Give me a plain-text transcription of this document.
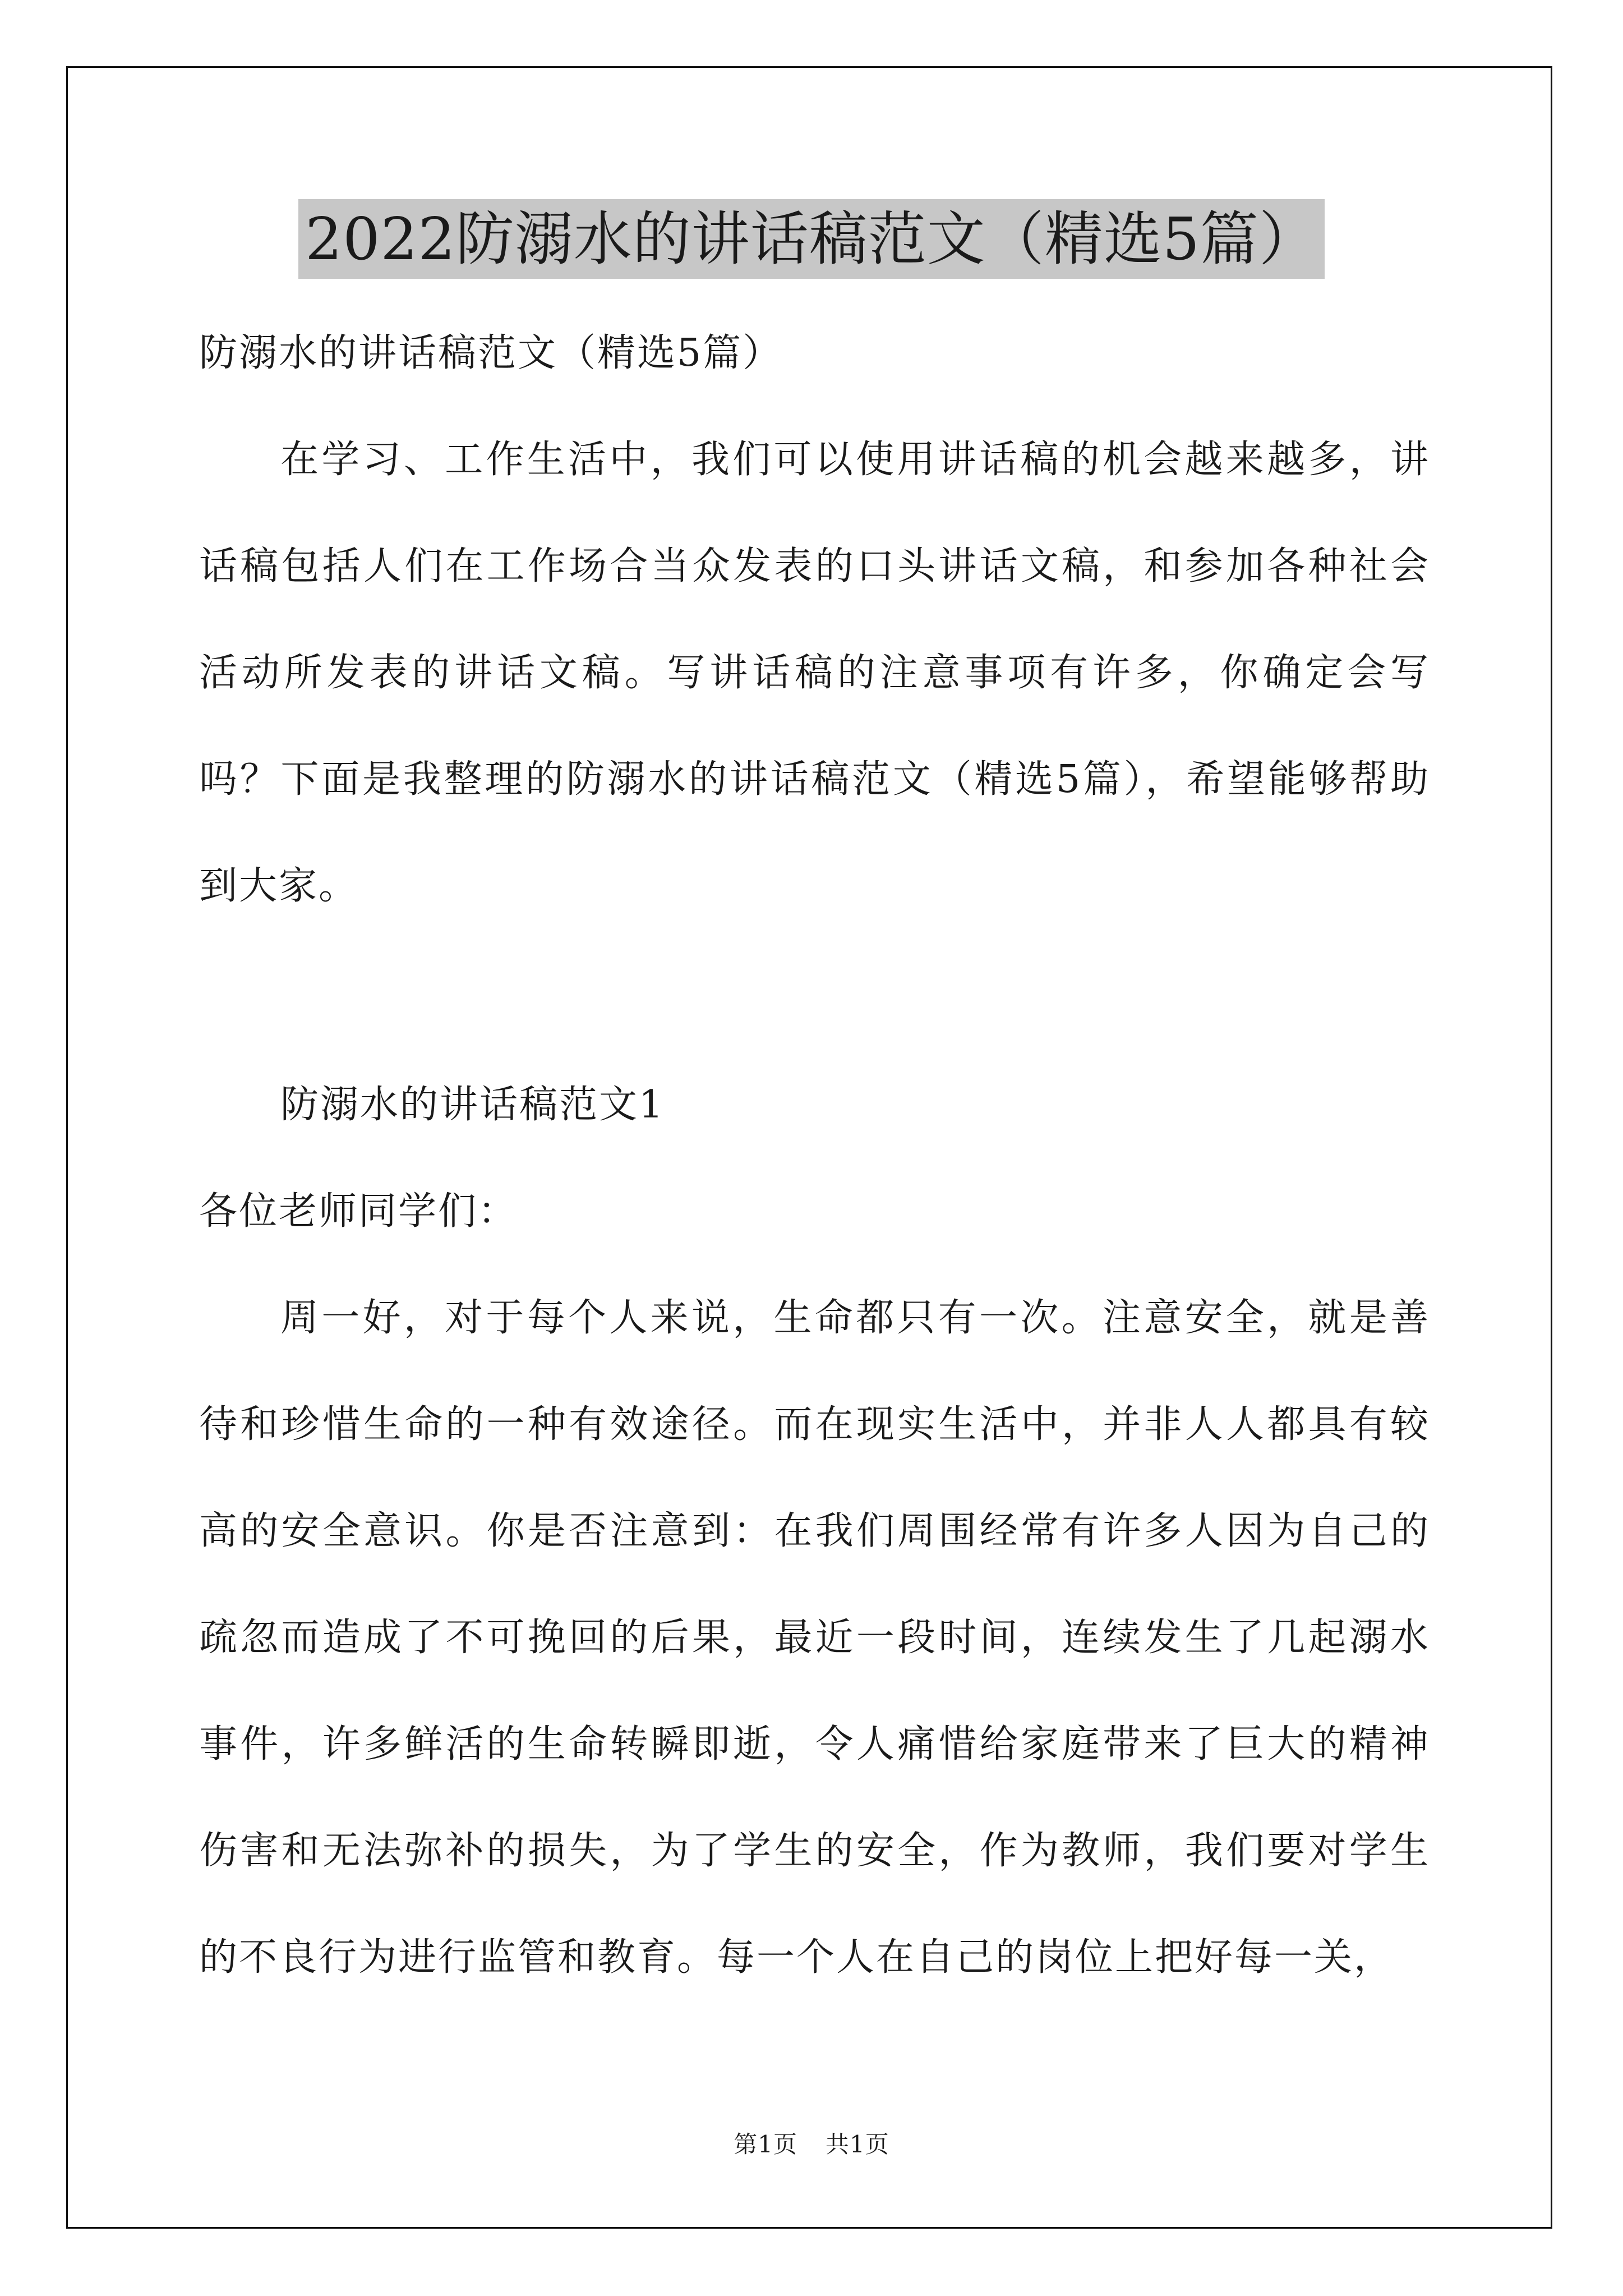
2022防溺水的讲话稿范文（精选5篇）

防溺水的讲话稿范文（精选5篇）

在学习、工作生活中，我们可以使用讲话稿的机会越来越多，讲话稿包括人们在工作场合当众发表的口头讲话文稿，和参加各种社会活动所发表的讲话文稿。写讲话稿的注意事项有许多，你确定会写吗？下面是我整理的防溺水的讲话稿范文（精选5篇），希望能够帮助到大家。

防溺水的讲话稿范文1

各位老师同学们：

周一好，对于每个人来说，生命都只有一次。注意安全，就是善待和珍惜生命的一种有效途径。而在现实生活中，并非人人都具有较高的安全意识。你是否注意到：在我们周围经常有许多人因为自己的疏忽而造成了不可挽回的后果，最近一段时间，连续发生了几起溺水事件，许多鲜活的生命转瞬即逝，令人痛惜给家庭带来了巨大的精神伤害和无法弥补的损失，为了学生的安全，作为教师，我们要对学生的不良行为进行监管和教育。每一个人在自己的岗位上把好每一关，

第1页 共1页
